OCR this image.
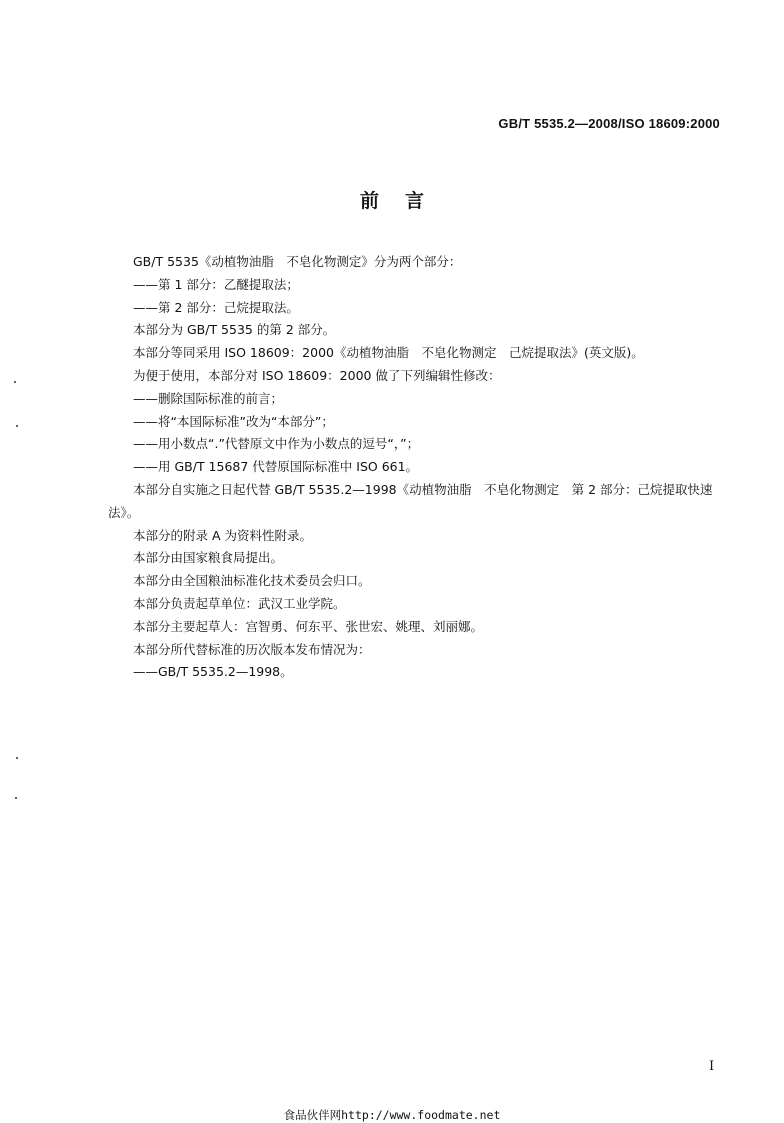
GB/T 5535.2—2008/ISO 18609:2000
前言

GB/T 5535《动植物油脂　不皂化物测定》分为两个部分：

——第 1 部分：乙醚提取法；

——第 2 部分：己烷提取法。

本部分为 GB/T 5535 的第 2 部分。

本部分等同采用 ISO 18609：2000《动植物油脂　不皂化物测定　己烷提取法》(英文版)。

为便于使用，本部分对 ISO 18609：2000 做了下列编辑性修改：

——删除国际标准的前言；

——将“本国际标准”改为“本部分”；

——用小数点“.”代替原文中作为小数点的逗号“，”；

——用 GB/T 15687 代替原国际标准中 ISO 661。

本部分自实施之日起代替 GB/T 5535.2—1998《动植物油脂　不皂化物测定　第 2 部分：己烷提取快速法》。

本部分的附录 A 为资料性附录。

本部分由国家粮食局提出。

本部分由全国粮油标准化技术委员会归口。

本部分负责起草单位：武汉工业学院。

本部分主要起草人：宫智勇、何东平、张世宏、姚理、刘丽娜。

本部分所代替标准的历次版本发布情况为：

——GB/T 5535.2—1998。

I
食品伙伴网http://www.foodmate.net
